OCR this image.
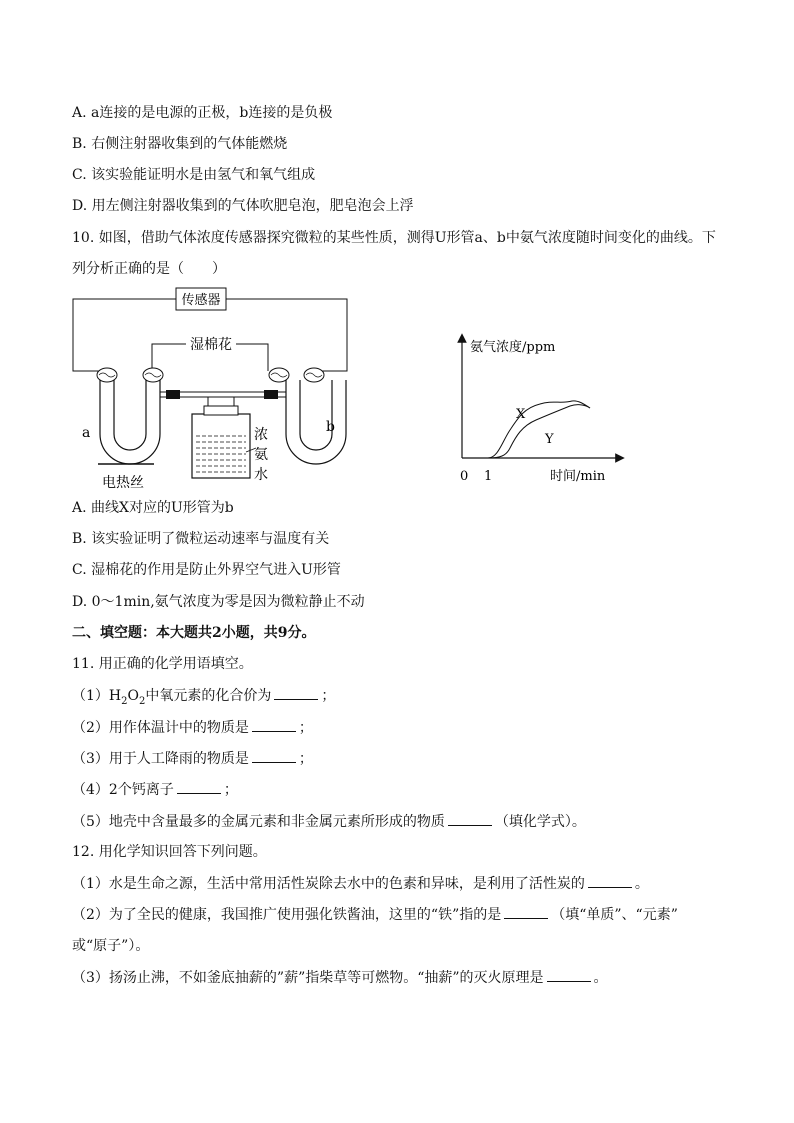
A. a连接的是电源的正极，b连接的是负极
B. 右侧注射器收集到的气体能燃烧
C. 该实验能证明水是由氢气和氧气组成
D. 用左侧注射器收集到的气体吹肥皂泡，肥皂泡会上浮
10. 如图，借助气体浓度传感器探究微粒的某些性质，测得U形管a、b中氨气浓度随时间变化的曲线。下
列分析正确的是（　　）
传感器
湿棉花
a
电热丝
b
浓
氨
水
氨气浓度/ppm
时间/min
0 1
X
Y
A. 曲线X对应的U形管为b
B. 该实验证明了微粒运动速率与温度有关
C. 湿棉花的作用是防止外界空气进入U形管
D. 0～1min,氨气浓度为零是因为微粒静止不动
二、填空题：本大题共2小题，共9分。
11. 用正确的化学用语填空。
$(1)H_2O_2$中氧元素的化合价为	；
（2）用作体温计中的物质是	；
（3）用于人工降雨的物质是	；
（4）2个钙离子	；
（5）地壳中含量最多的金属元素和非金属元素所形成的物质	（填化学式）。
12. 用化学知识回答下列问题。
（1）水是生命之源，生活中常用活性炭除去水中的色素和异味，是利用了活性炭的	。
（2）为了全民的健康，我国推广使用强化铁酱油，这里的“铁”指的是	（填“单质”、“元素”
或“原子”）。
（3）扬汤止沸，不如釜底抽薪的”薪”指柴草等可燃物。“抽薪”的灭火原理是	。
